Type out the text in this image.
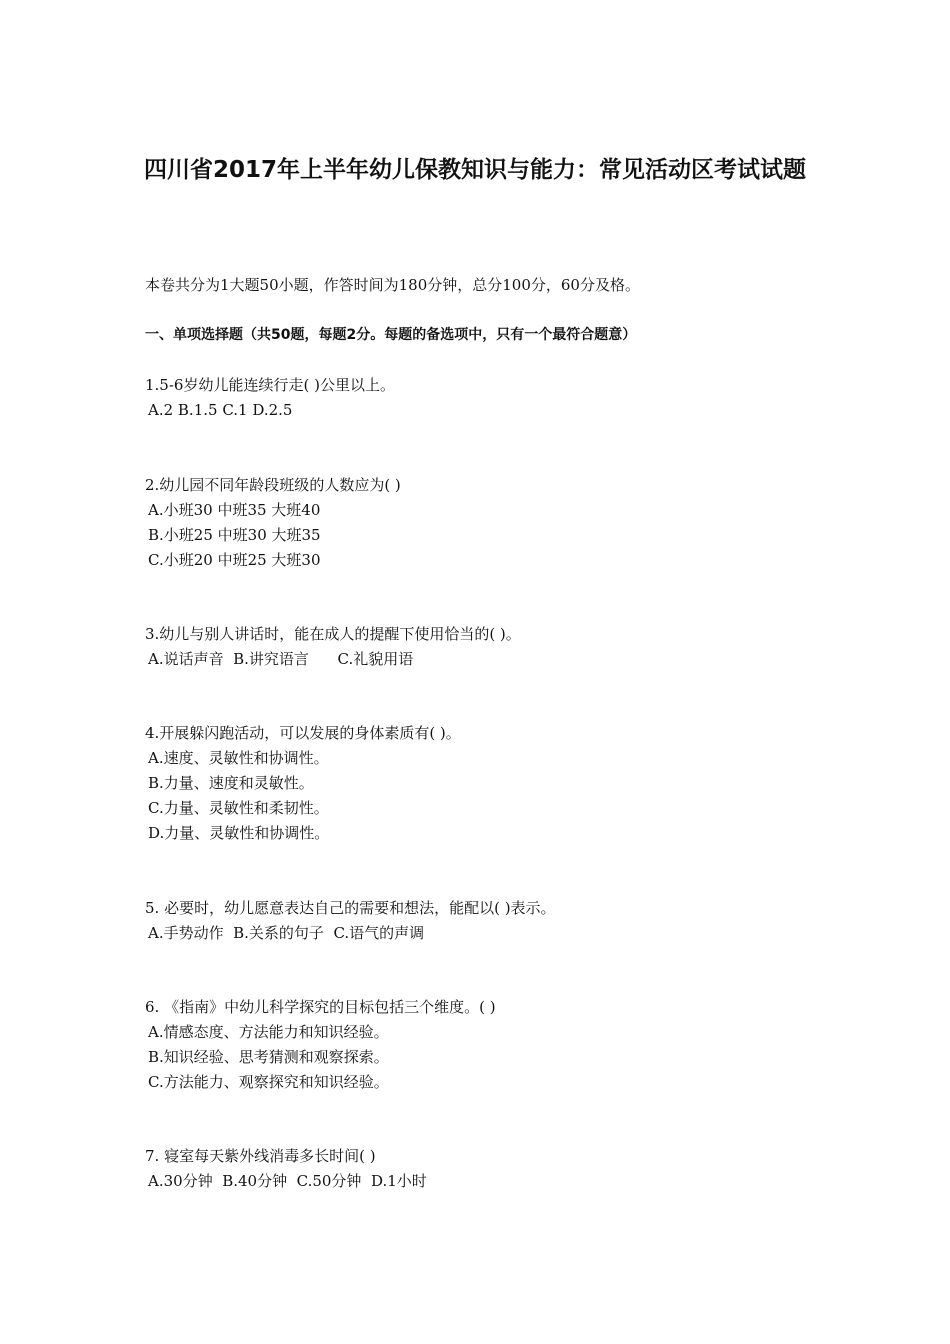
四川省2017年上半年幼儿保教知识与能力：常见活动区考试试题

本卷共分为1大题50小题，作答时间为180分钟，总分100分，60分及格。

一、单项选择题（共50题，每题2分。每题的备选项中，只有一个最符合题意）

1.5-6岁幼儿能连续行走( )公里以上。

A.2 B.1.5 C.1 D.2.5

2.幼儿园不同年龄段班级的人数应为( )

A.小班30 中班35 大班40

B.小班25 中班30 大班35

C.小班20 中班25 大班30

3.幼儿与别人讲话时，能在成人的提醒下使用恰当的( )。

A.说话声音  B.讲究语言      C.礼貌用语

4.开展躲闪跑活动，可以发展的身体素质有( )。

A.速度、灵敏性和协调性。

B.力量、速度和灵敏性。

C.力量、灵敏性和柔韧性。

D.力量、灵敏性和协调性。

5. 必要时，幼儿愿意表达自己的需要和想法，能配以( )表示。

A.手势动作  B.关系的句子  C.语气的声调

6. 《指南》中幼儿科学探究的目标包括三个维度。( )

A.情感态度、方法能力和知识经验。

B.知识经验、思考猜测和观察探索。

C.方法能力、观察探究和知识经验。

7. 寝室每天紫外线消毒多长时间( )

A.30分钟  B.40分钟  C.50分钟  D.1小时
